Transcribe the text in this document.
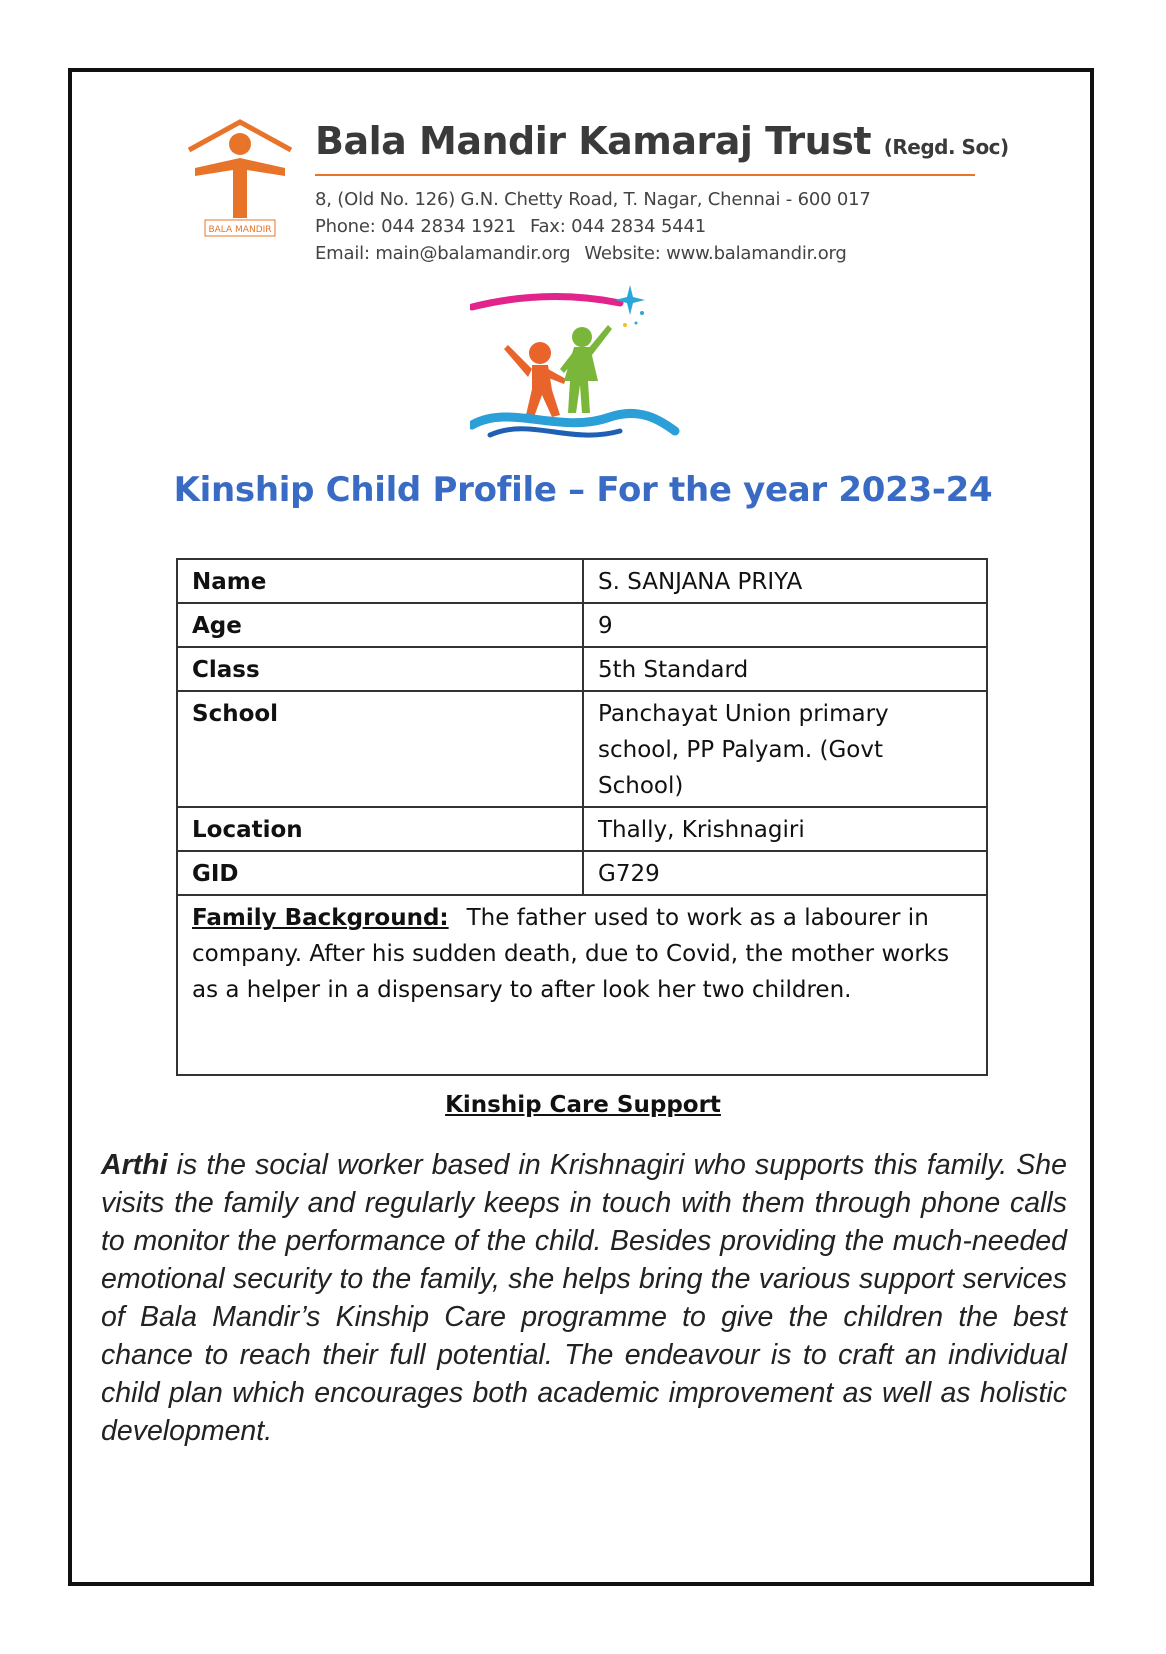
BALA MANDIR
Bala Mandir Kamaraj Trust (Regd. Soc)
8, (Old No. 126) G.N. Chetty Road, T. Nagar, Chennai - 600 017
Phone: 044 2834 1921 Fax: 044 2834 5441
Email: main@balamandir.org Website: www.balamandir.org
Kinship Child Profile – For the year 2023-24
Name	S. SANJANA PRIYA
Age	9
Class	5th Standard
School	Panchayat Union primary school, PP Palyam. (Govt School)
Location	Thally, Krishnagiri
GID	G729
Family Background: The father used to work as a labourer in company. After his sudden death, due to Covid, the mother works as a helper in a dispensary to after look her two children.	
Kinship Care Support
Arthi is the social worker based in Krishnagiri who supports this family. She visits the family and regularly keeps in touch with them through phone calls to monitor the performance of the child. Besides providing the much-needed emotional security to the family, she helps bring the various support services of Bala Mandir’s Kinship Care programme to give the children the best chance to reach their full potential. The endeavour is to craft an individual child plan which encourages both academic improvement as well as holistic development.
